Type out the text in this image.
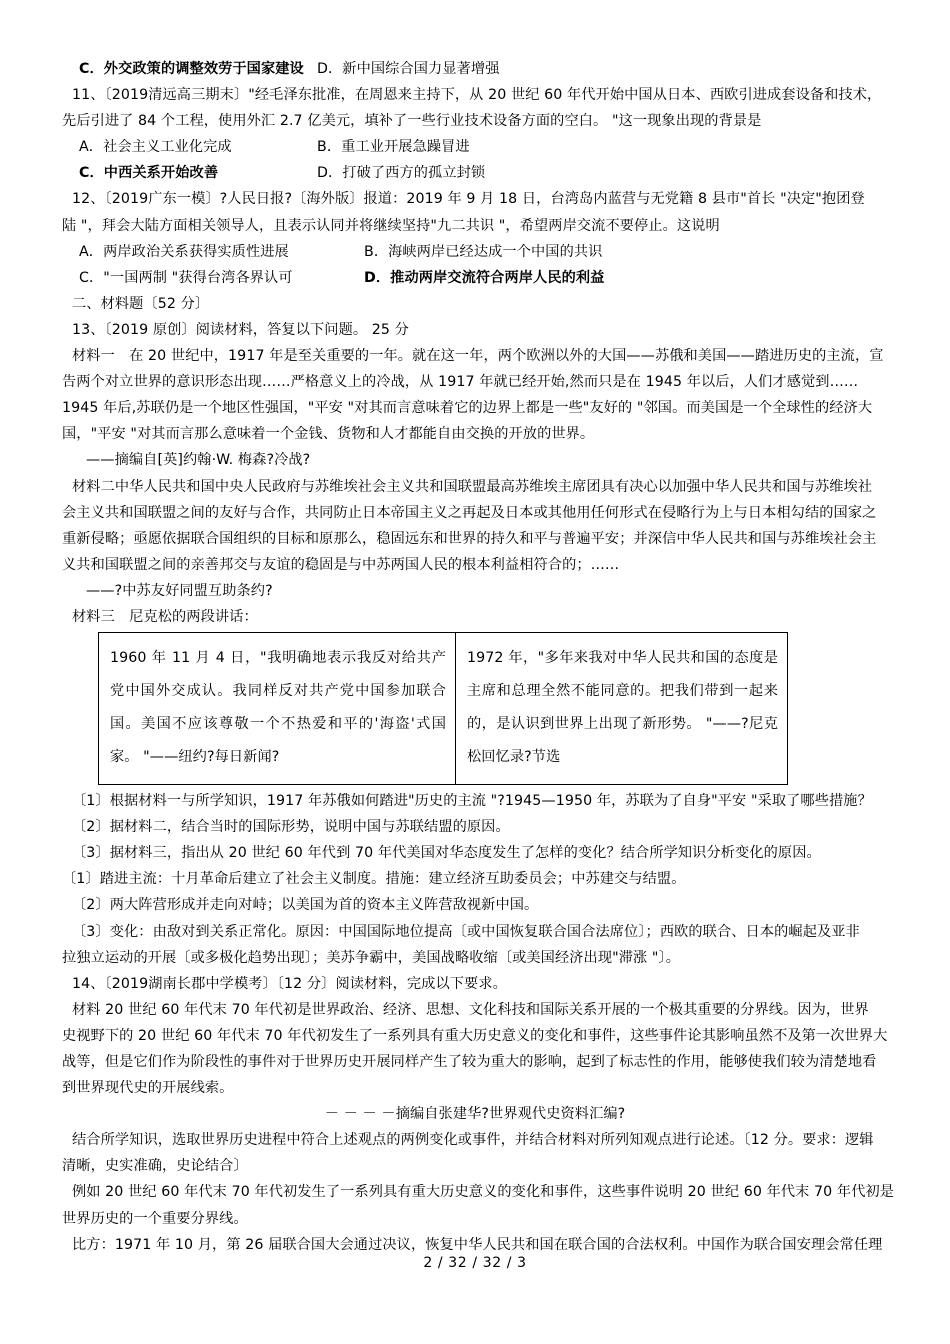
C．外交政策的调整效劳于国家建设 D．新中国综合国力显著增强
11、〔2019清远高三期末〕"经毛泽东批准，在周恩来主持下，从 20 世纪 60 年代开始中国从日本、西欧引进成套设备和技术，
先后引进了 84 个工程，使用外汇 2.7 亿美元，填补了一些行业技术设备方面的空白。 "这一现象出现的背景是
A．社会主义工业化完成	B．重工业开展急躁冒进
C．中西关系开始改善	D．打破了西方的孤立封锁
12、〔2019广东一模〕?人民日报?〔海外版〕报道：2019 年 9 月 18 日，台湾岛内蓝营与无党籍 8 县市"首长 "决定"抱团登
陆 "，拜会大陆方面相关领导人，且表示认同并将继续坚持"九二共识 "，希望两岸交流不要停止。这说明
A．两岸政治关系获得实质性进展	B．海峡两岸已经达成一个中国的共识
C．"一国两制 "获得台湾各界认可	D．推动两岸交流符合两岸人民的利益
二、材料题〔52 分〕
13、〔2019 原创〕阅读材料，答复以下问题。 25 分
材料一　在 20 世纪中，1917 年是至关重要的一年。就在这一年，两个欧洲以外的大国——苏俄和美国——踏进历史的主流，宣
告两个对立世界的意识形态出现……严格意义上的冷战，从 1917 年就已经开始,然而只是在 1945 年以后，人们才感觉到……
1945 年后,苏联仍是一个地区性强国，"平安 "对其而言意味着它的边界上都是一些"友好的 "邻国。而美国是一个全球性的经济大
国，"平安 "对其而言那么意味着一个金钱、货物和人才都能自由交换的开放的世界。
——摘编自[英]约翰·W. 梅森?冷战?
材料二中华人民共和国中央人民政府与苏维埃社会主义共和国联盟最高苏维埃主席团具有决心以加强中华人民共和国与苏维埃社
会主义共和国联盟之间的友好与合作，共同防止日本帝国主义之再起及日本或其他用任何形式在侵略行为上与日本相勾结的国家之
重新侵略；亟愿依据联合国组织的目标和原那么，稳固远东和世界的持久和平与普遍平安；并深信中华人民共和国与苏维埃社会主
义共和国联盟之间的亲善邦交与友谊的稳固是与中苏两国人民的根本利益相符合的；……
——?中苏友好同盟互助条约?
材料三　尼克松的两段讲话：
1960 年 11 月 4 日，"我明确地表示我反对给共产党中国外交成认。我同样反对共产党中国参加联合国。美国不应该尊敬一个不热爱和平的'海盗'式国家。 "——纽约?每日新闻?	1972 年，"多年来我对中华人民共和国的态度是主席和总理全然不能同意的。把我们带到一起来的，是认识到世界上出现了新形势。 "——?尼克松回忆录?节选
〔1〕根据材料一与所学知识，1917 年苏俄如何踏进"历史的主流 "?1945—1950 年，苏联为了自身"平安 "采取了哪些措施？
〔2〕据材料二，结合当时的国际形势，说明中国与苏联结盟的原因。
〔3〕据材料三，指出从 20 世纪 60 年代到 70 年代美国对华态度发生了怎样的变化？结合所学知识分析变化的原因。
〔1〕踏进主流：十月革命后建立了社会主义制度。措施：建立经济互助委员会；中苏建交与结盟。
〔2〕两大阵营形成并走向对峙；以美国为首的资本主义阵营敌视新中国。
〔3〕变化：由敌对到关系正常化。原因：中国国际地位提高〔或中国恢复联合国合法席位〕；西欧的联合、日本的崛起及亚非
拉独立运动的开展〔或多极化趋势出现〕；美苏争霸中，美国战略收缩〔或美国经济出现"滞涨 "〕。
14、〔2019湖南长郡中学模考〕〔12 分〕阅读材料，完成以下要求。
材料 20 世纪 60 年代末 70 年代初是世界政治、经济、思想、文化科技和国际关系开展的一个极其重要的分界线。因为，世界
史视野下的 20 世纪 60 年代末 70 年代初发生了一系列具有重大历史意义的变化和事件，这些事件论其影响虽然不及第一次世界大
战等，但是它们作为阶段性的事件对于世界历史开展同样产生了较为重大的影响，起到了标志性的作用，能够使我们较为清楚地看
到世界现代史的开展线索。
－ － － －摘编自张建华?世界观代史资料汇编?
结合所学知识，选取世界历史进程中符合上述观点的两例变化或事件，并结合材料对所列知观点进行论述。〔12 分。要求：逻辑
清晰，史实准确，史论结合〕
例如 20 世纪 60 年代末 70 年代初发生了一系列具有重大历史意义的变化和事件，这些事件说明 20 世纪 60 年代末 70 年代初是
世界历史的一个重要分界线。
比方：1971 年 10 月，第 26 届联合国大会通过决议，恢复中华人民共和国在联合国的合法权利。中国作为联合国安理会常任理
2 / 32 / 32 / 3
